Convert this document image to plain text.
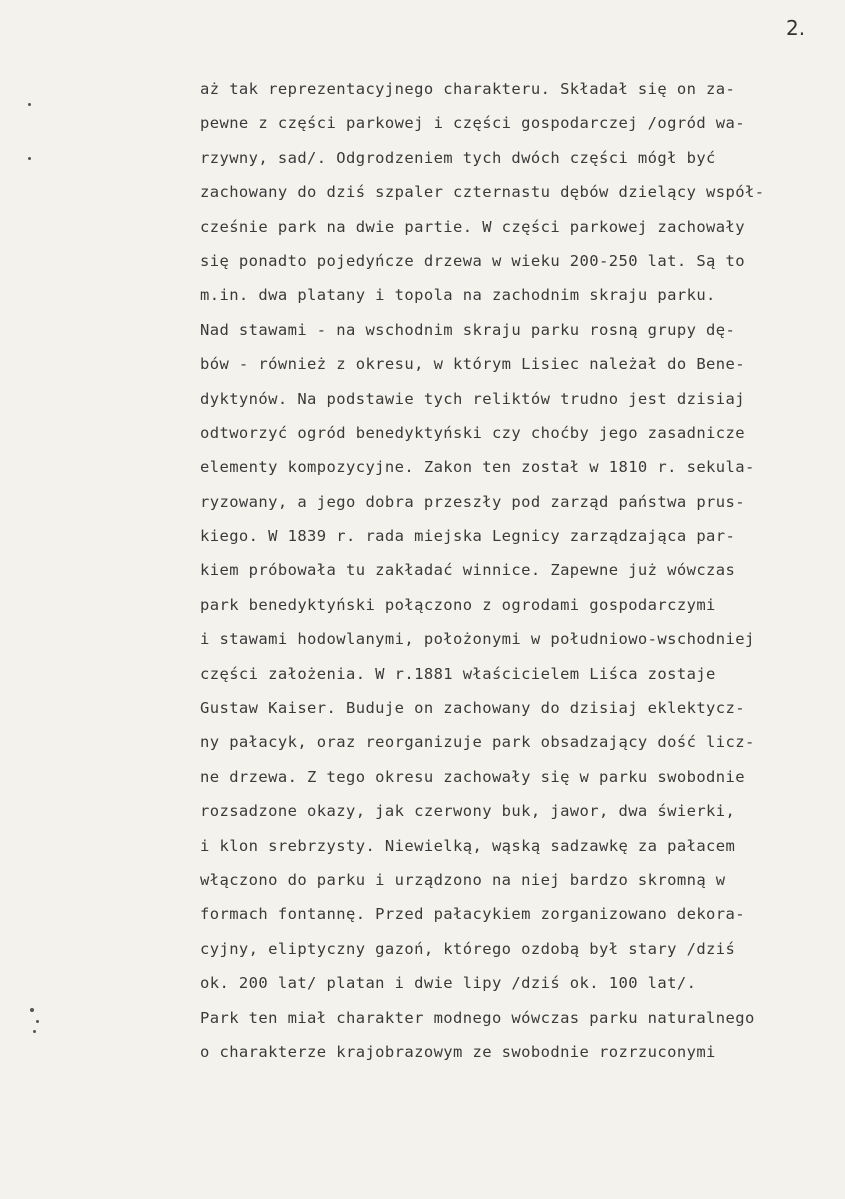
2.
aż tak reprezentacyjnego charakteru. Składał się on za-
pewne z części parkowej i części gospodarczej /ogród wa-
rzywny, sad/. Odgrodzeniem tych dwóch części mógł być
zachowany do dziś szpaler czternastu dębów dzielący współ-
cześnie park na dwie partie. W części parkowej zachowały
się ponadto pojedyńcze drzewa w wieku 200-250 lat. Są to
m.in. dwa platany i topola na zachodnim skraju parku.
Nad stawami - na wschodnim skraju parku rosną grupy dę-
bów - również z okresu, w którym Lisiec należał do Bene-
dyktynów. Na podstawie tych reliktów trudno jest dzisiaj
odtworzyć ogród benedyktyński czy choćby jego zasadnicze
elementy kompozycyjne. Zakon ten został w 1810 r. sekula-
ryzowany, a jego dobra przeszły pod zarząd państwa prus-
kiego. W 1839 r. rada miejska Legnicy zarządzająca par-
kiem próbowała tu zakładać winnice. Zapewne już wówczas
park benedyktyński połączono z ogrodami gospodarczymi
i stawami hodowlanymi, położonymi w południowo-wschodniej
części założenia. W r.1881 właścicielem Liśca zostaje
Gustaw Kaiser. Buduje on zachowany do dzisiaj eklektycz-
ny pałacyk, oraz reorganizuje park obsadzający dość licz-
ne drzewa. Z tego okresu zachowały się w parku swobodnie
rozsadzone okazy, jak czerwony buk, jawor, dwa świerki,
i klon srebrzysty. Niewielką, wąską sadzawkę za pałacem
włączono do parku i urządzono na niej bardzo skromną w
formach fontannę. Przed pałacykiem zorganizowano dekora-
cyjny, eliptyczny gazoń, którego ozdobą był stary /dziś
ok. 200 lat/ platan i dwie lipy /dziś ok. 100 lat/.
Park ten miał charakter modnego wówczas parku naturalnego
o charakterze krajobrazowym ze swobodnie rozrzuconymi
